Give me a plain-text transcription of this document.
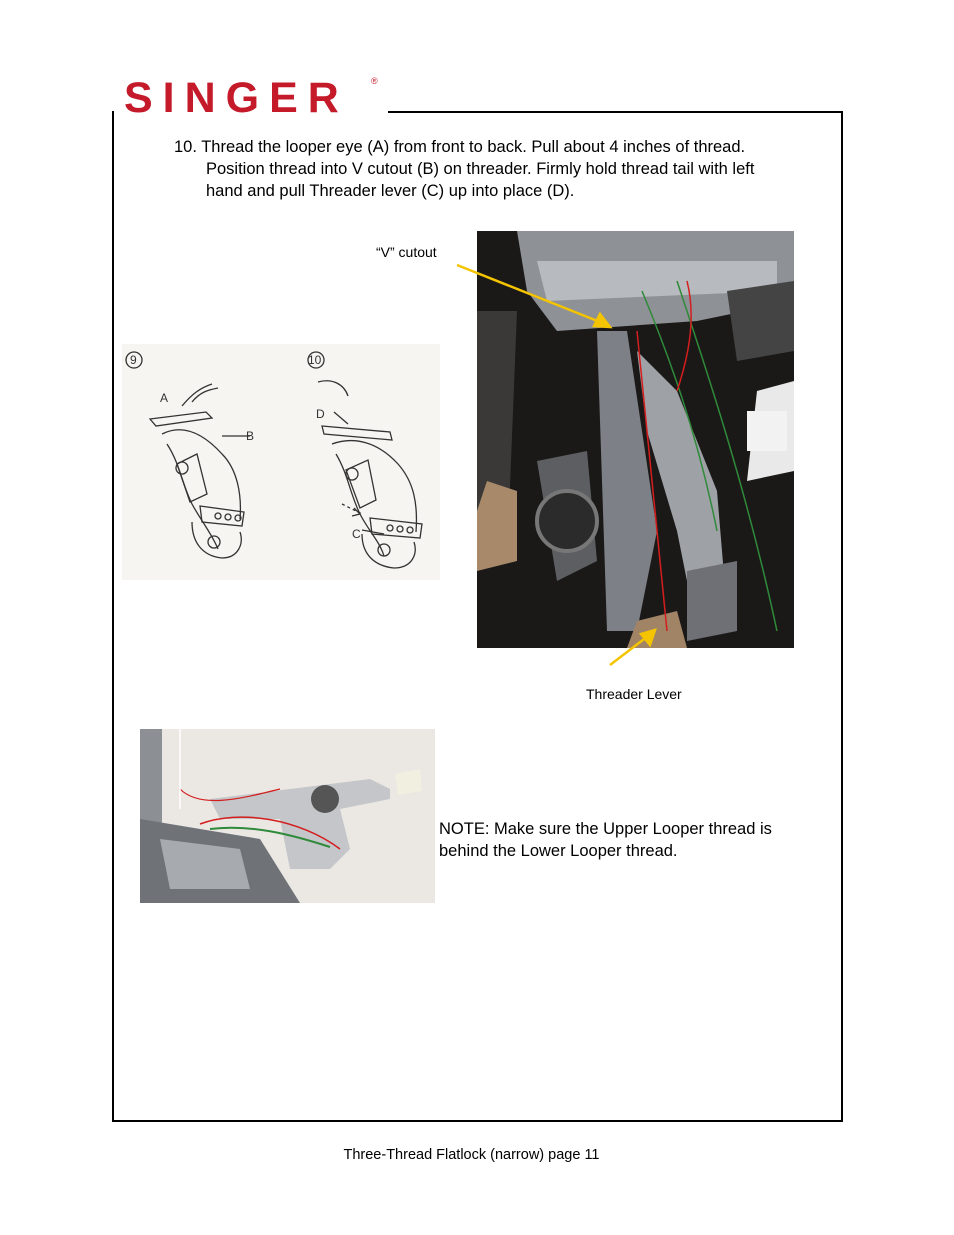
SINGER ®
10. Thread the looper eye (A) from front to back. Pull about 4 inches of thread.
Position thread into V cutout (B) on threader. Firmly hold thread tail with left
hand and pull Threader lever (C) up into place (D).
“V” cutout
Threader Lever
9	10
A
B
C
D
NOTE: Make sure the Upper Looper thread is
behind the Lower Looper thread.
Three-Thread Flatlock (narrow) page 11
